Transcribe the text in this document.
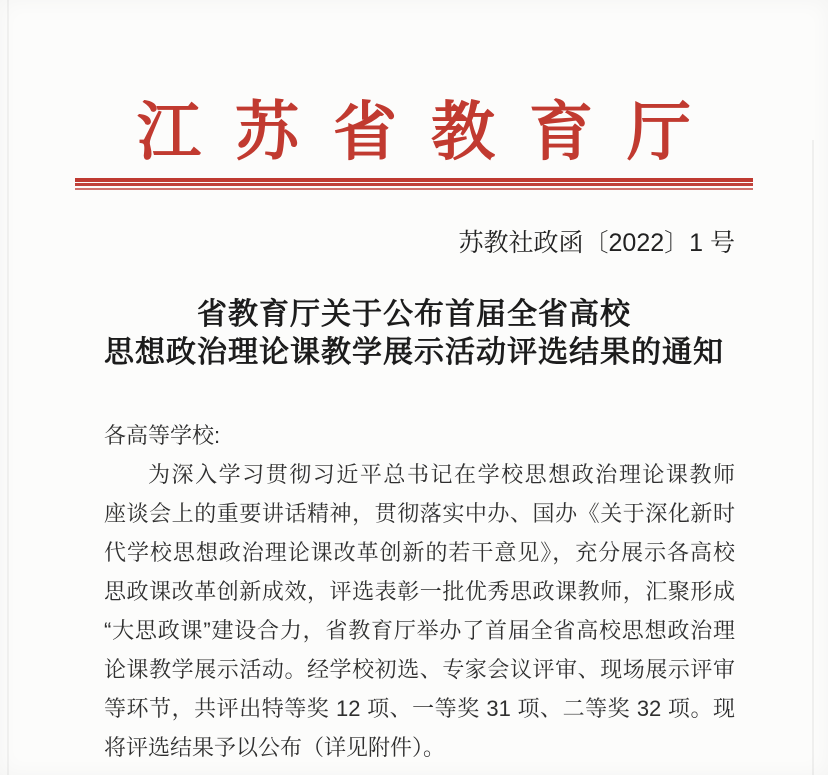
江苏省教育厅
苏教社政函〔2022〕1 号
省教育厅关于公布首届全省高校
思想政治理论课教学展示活动评选结果的通知
各高等学校:
为深入学习贯彻习近平总书记在学校思想政治理论课教师
座谈会上的重要讲话精神，贯彻落实中办、国办《关于深化新时
代学校思想政治理论课改革创新的若干意见》，充分展示各高校
思政课改革创新成效，评选表彰一批优秀思政课教师，汇聚形成
“大思政课”建设合力，省教育厅举办了首届全省高校思想政治理
论课教学展示活动。经学校初选、专家会议评审、现场展示评审
等环节，共评出特等奖 12 项、一等奖 31 项、二等奖 32 项。现
将评选结果予以公布（详见附件）。
